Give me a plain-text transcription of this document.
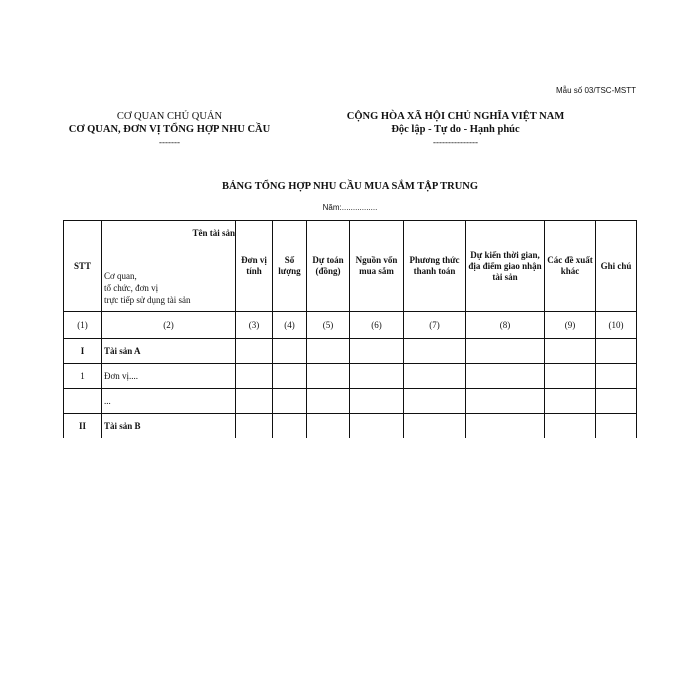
Mẫu số 03/TSC-MSTT
CƠ QUAN CHỦ QUẢN
CƠ QUAN, ĐƠN VỊ TỔNG HỢP NHU CẦU
-------
CỘNG HÒA XÃ HỘI CHỦ NGHĨA VIỆT NAM
Độc lập - Tự do - Hạnh phúc
---------------
BẢNG TỔNG HỢP NHU CẦU MUA SẮM TẬP TRUNG
Năm:................
STT	Tên tài sản
Cơ quan,
tổ chức, đơn vị
trực tiếp sử dụng tài sản	Đơn vị tính	Số lượng	Dự toán (đồng)	Nguồn vốn mua sắm	Phương thức thanh toán	Dự kiến thời gian, địa điểm giao nhận tài sản	Các đề xuất khác	Ghi chú
(1)	(2)	(3)	(4)	(5)	(6)	(7)	(8)	(9)	(10)
I	Tài sản A								
1	Đơn vị....								
	...								
II	Tài sản B								
